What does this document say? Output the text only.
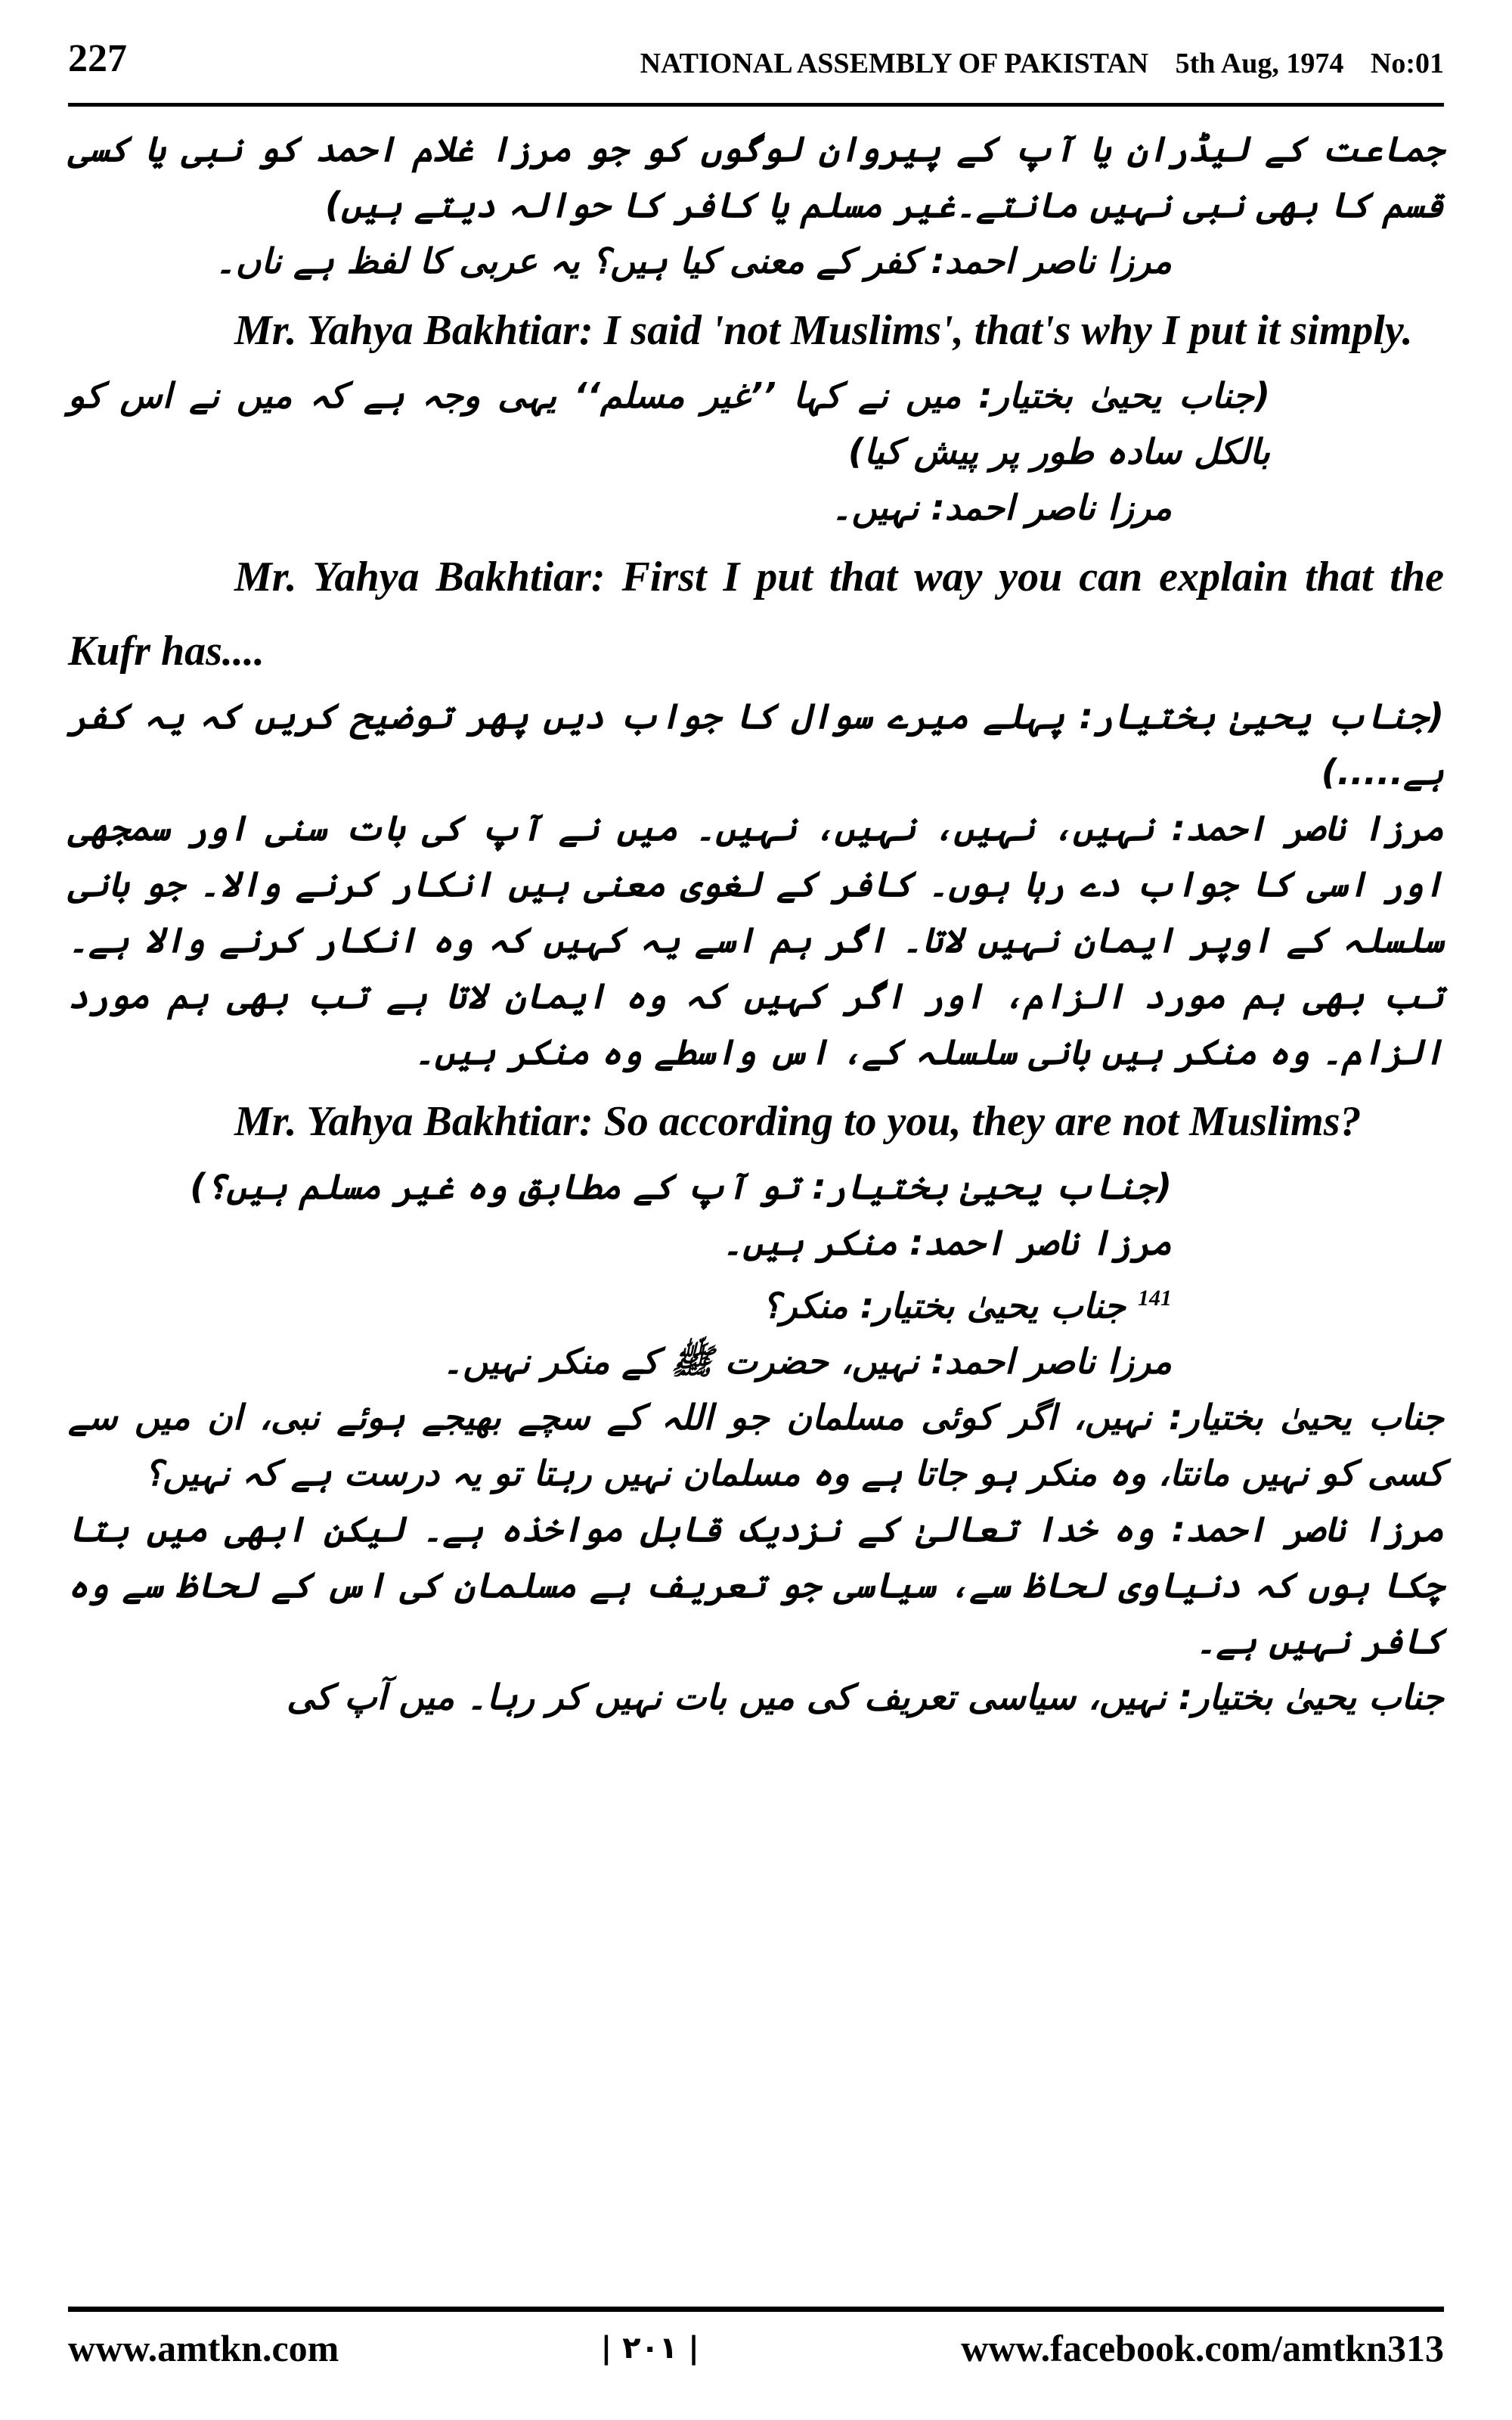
227	NATIONAL ASSEMBLY OF PAKISTAN 5th Aug, 1974 No:01

جماعت کے لیڈران یا آپ کے پیروان لوگوں کو جو مرزا غلام احمد کو نبی یا کسی قسم کا بھی نبی نہیں مانتے۔غیر مسلم یا کافر کا حوالہ دیتے ہیں)

مرزا ناصر احمد: کفر کے معنی کیا ہیں؟ یہ عربی کا لفظ ہے ناں۔

Mr. Yahya Bakhtiar: I said 'not Muslims', that's why I put it simply.

(جناب یحییٰ بختیار: میں نے کہا ’’غیر مسلم‘‘ یہی وجہ ہے کہ میں نے اس کو بالکل سادہ طور پر پیش کیا)

مرزا ناصر احمد: نہیں۔

Mr. Yahya Bakhtiar: First I put that way you can explain that the Kufr has....

(جناب یحییٰ بختیار: پہلے میرے سوال کا جواب دیں پھر توضیح کریں کہ یہ کفر ہے.....)

مرزا ناصر احمد: نہیں، نہیں، نہیں، نہیں۔ میں نے آپ کی بات سنی اور سمجھی اور اسی کا جواب دے رہا ہوں۔ کافر کے لغوی معنی ہیں انکار کرنے والا۔ جو بانی سلسلہ کے اوپر ایمان نہیں لاتا۔ اگر ہم اسے یہ کہیں کہ وہ انکار کرنے والا ہے۔ تب بھی ہم مورد الزام، اور اگر کہیں کہ وہ ایمان لاتا ہے تب بھی ہم مورد الزام۔ وہ منکر ہیں بانی سلسلہ کے، اس واسطے وہ منکر ہیں۔

Mr. Yahya Bakhtiar: So according to you, they are not Muslims?

(جناب یحییٰ بختیار: تو آپ کے مطابق وہ غیر مسلم ہیں؟)

مرزا ناصر احمد: منکر ہیں۔

$^{141}$ جناب یحییٰ بختیار: منکر؟

مرزا ناصر احمد: نہیں، حضرت ﷺ کے منکر نہیں۔

جناب یحییٰ بختیار: نہیں، اگر کوئی مسلمان جو اللہ کے سچے بھیجے ہوئے نبی، ان میں سے کسی کو نہیں مانتا، وہ منکر ہو جاتا ہے وہ مسلمان نہیں رہتا تو یہ درست ہے کہ نہیں؟

مرزا ناصر احمد: وہ خدا تعالیٰ کے نزدیک قابل مواخذہ ہے۔ لیکن ابھی میں بتا چکا ہوں کہ دنیاوی لحاظ سے، سیاسی جو تعریف ہے مسلمان کی اس کے لحاظ سے وہ کافر نہیں ہے۔

جناب یحییٰ بختیار: نہیں، سیاسی تعریف کی میں بات نہیں کر رہا۔ میں آپ کی

www.amtkn.com	| ۲۰۱ |	www.facebook.com/amtkn313
